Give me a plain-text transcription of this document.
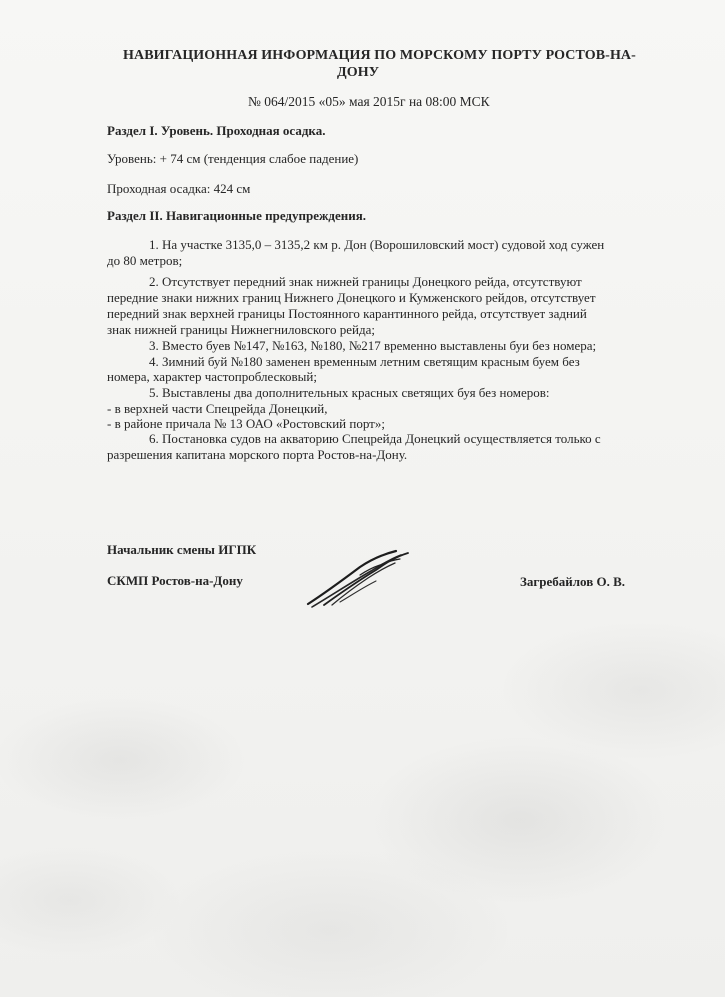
НАВИГАЦИОННАЯ ИНФОРМАЦИЯ ПО МОРСКОМУ ПОРТУ РОСТОВ-НА-
ДОНУ
№ 064/2015 «05» мая 2015г на 08:00 МСК
Раздел I. Уровень. Проходная осадка.
Уровень: + 74 см (тенденция слабое падение)
Проходная осадка: 424 см
Раздел II. Навигационные предупреждения.
1. На участке 3135,0 – 3135,2 км р. Дон (Ворошиловский мост) судовой ход сужен
до 80 метров;
2. Отсутствует передний знак нижней границы Донецкого рейда, отсутствуют
передние знаки нижних границ Нижнего Донецкого и Кумженского рейдов, отсутствует
передний знак верхней границы Постоянного карантинного рейда, отсутствует задний
знак нижней границы Нижнегниловского рейда;
3. Вместо буев №147, №163, №180, №217 временно выставлены буи без номера;
4. Зимний буй №180 заменен временным летним светящим красным буем без
номера, характер частопроблесковый;
5. Выставлены два дополнительных красных светящих буя без номеров:
- в верхней части Спецрейда Донецкий,
- в районе причала № 13 ОАО «Ростовский порт»;
6. Постановка судов на акваторию Спецрейда Донецкий осуществляется только с
разрешения капитана морского порта Ростов-на-Дону.
Начальник смены ИГПК
СКМП Ростов-на-Дону	Загребайлов О. В.
